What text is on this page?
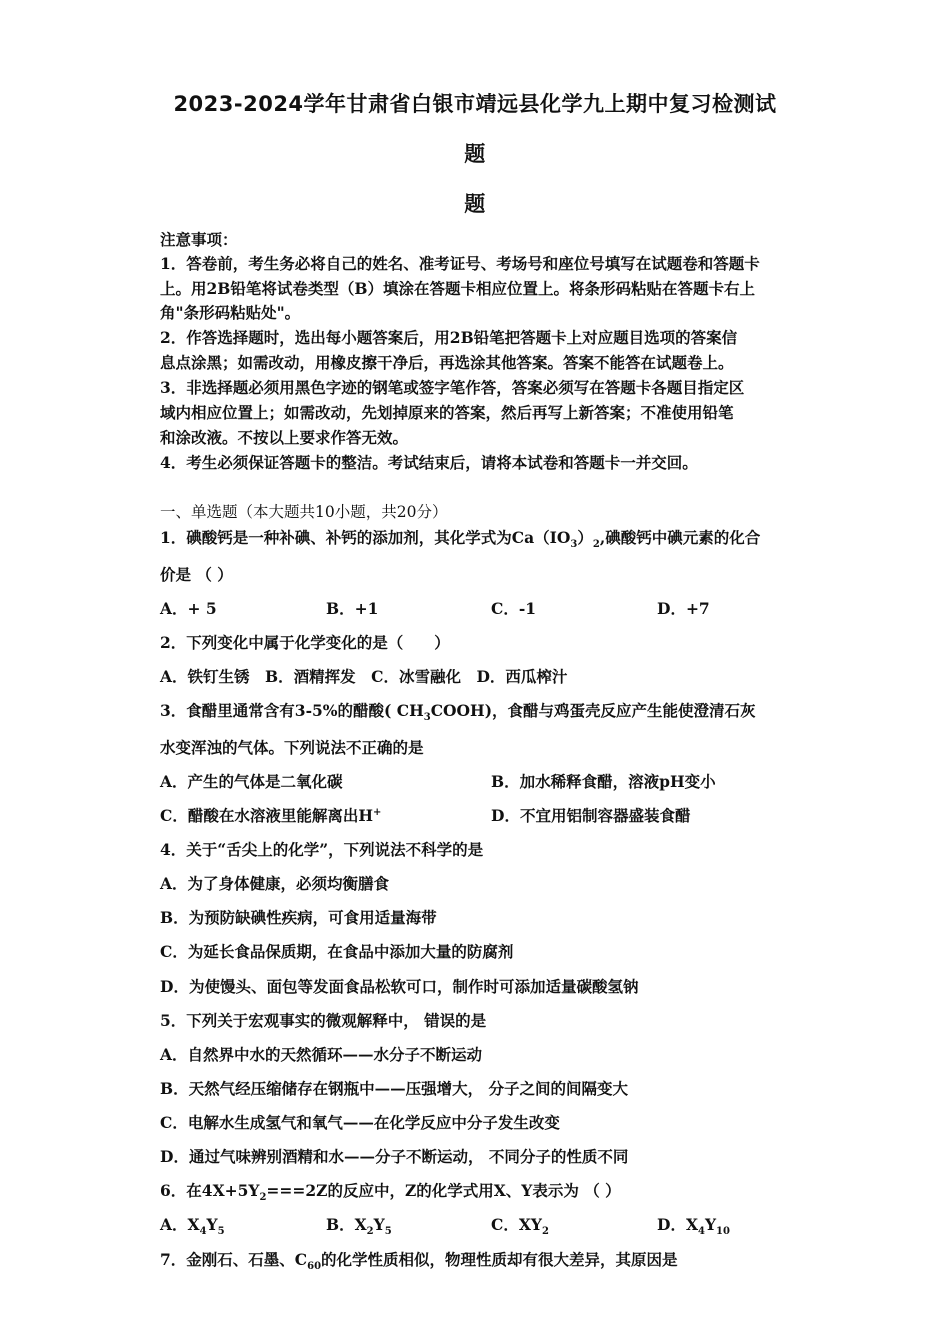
2023-2024学年甘肃省白银市靖远县化学九上期中复习检测试
题
题
注意事项：
1．答卷前，考生务必将自己的姓名、准考证号、考场号和座位号填写在试题卷和答题卡
上。用2B铅笔将试卷类型（B）填涂在答题卡相应位置上。将条形码粘贴在答题卡右上
角"条形码粘贴处"。
2．作答选择题时，选出每小题答案后，用2B铅笔把答题卡上对应题目选项的答案信
息点涂黑；如需改动，用橡皮擦干净后，再选涂其他答案。答案不能答在试题卷上。
3．非选择题必须用黑色字迹的钢笔或签字笔作答，答案必须写在答题卡各题目指定区
域内相应位置上；如需改动，先划掉原来的答案，然后再写上新答案；不准使用铅笔
和涂改液。不按以上要求作答无效。
4．考生必须保证答题卡的整洁。考试结束后，请将本试卷和答题卡一并交回。
一、单选题（本大题共10小题，共20分）
1．碘酸钙是一种补碘、补钙的添加剂，其化学式为$Ca(IO_3)_2$,碘酸钙中碘元素的化合
价是 （ ）
A．+ 5	B．+1	C．-1	D．+7
2．下列变化中属于化学变化的是（　　）
A．铁钉生锈　B．酒精挥发　C．冰雪融化　D．西瓜榨汁
3．食醋里通常含有3-5%的醋酸( $CH_3COOH$)，食醋与鸡蛋壳反应产生能使澄清石灰
水变浑浊的气体。下列说法不正确的是
A．产生的气体是二氧化碳	B．加水稀释食醋，溶液pH变小
C．醋酸在水溶液里能解离出H+	D．不宜用铝制容器盛装食醋
4．关于“舌尖上的化学”，下列说法不科学的是
A．为了身体健康，必须均衡膳食
B．为预防缺碘性疾病，可食用适量海带
C．为延长食品保质期，在食品中添加大量的防腐剂
D．为使馒头、面包等发面食品松软可口，制作时可添加适量碳酸氢钠
5．下列关于宏观事实的微观解释中， 错误的是
A．自然界中水的天然循环——水分子不断运动
B．天然气经压缩储存在钢瓶中——压强增大， 分子之间的间隔变大
C．电解水生成氢气和氧气——在化学反应中分子发生改变
D．通过气味辨别酒精和水——分子不断运动， 不同分子的性质不同
6．在$4X+5Y_2===2Z$的反应中，Z的化学式用X、Y表示为 （ ）
A．$X_4Y_5$	B．$X_2Y_5$	C．$XY_2$	D．$X_4Y_{10}$
7．金刚石、石墨、$C_{60}$的化学性质相似，物理性质却有很大差异，其原因是
